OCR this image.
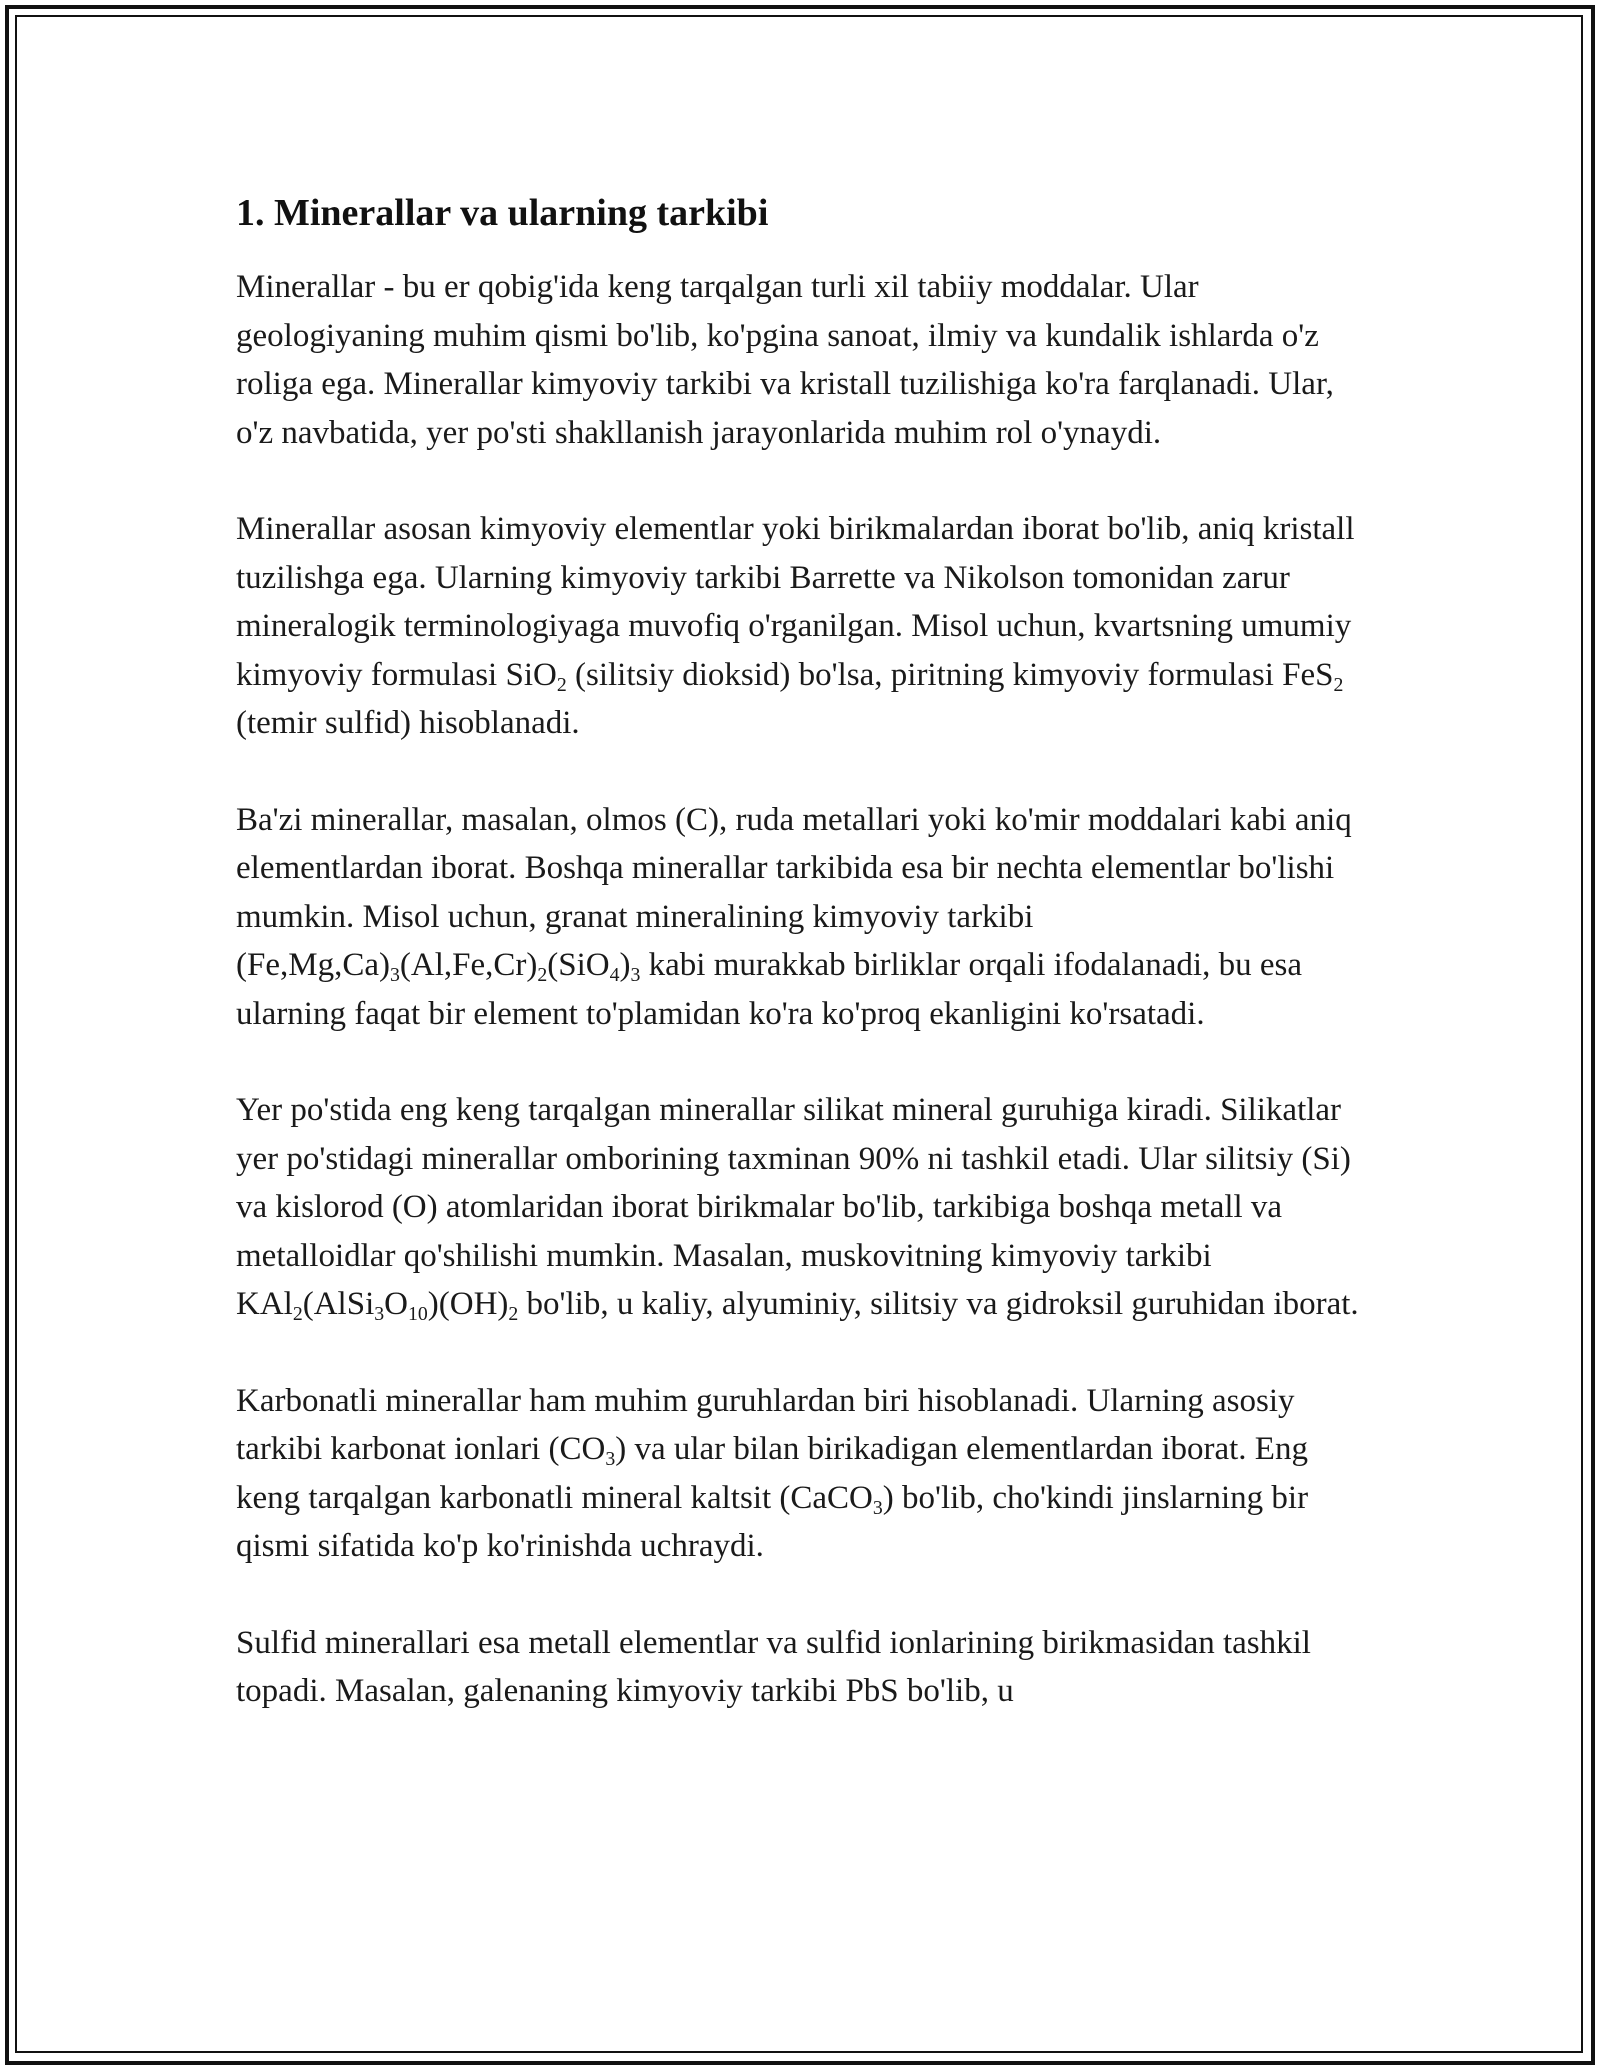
1. Minerallar va ularning tarkibi

Minerallar - bu er qobig'ida keng tarqalgan turli xil tabiiy moddalar. Ular geologiyaning muhim qismi bo'lib, ko'pgina sanoat, ilmiy va kundalik ishlarda o'z roliga ega. Minerallar kimyoviy tarkibi va kristall tuzilishiga ko'ra farqlanadi. Ular, o'z navbatida, yer po'sti shakllanish jarayonlarida muhim rol o'ynaydi.

Minerallar asosan kimyoviy elementlar yoki birikmalardan iborat bo'lib, aniq kristall tuzilishga ega. Ularning kimyoviy tarkibi Barrette va Nikolson tomonidan zarur mineralogik terminologiyaga muvofiq o'rganilgan. Misol uchun, kvartsning umumiy kimyoviy formulasi SiO$_2$ (silitsiy dioksid) bo'lsa, piritning kimyoviy formulasi FeS$_2$ (temir sulfid) hisoblanadi.

Ba'zi minerallar, masalan, olmos (C), ruda metallari yoki ko'mir moddalari kabi aniq elementlardan iborat. Boshqa minerallar tarkibida esa bir nechta elementlar bo'lishi mumkin. Misol uchun, granat mineralining kimyoviy tarkibi $(Fe,Mg,Ca)_3(Al,Fe,Cr)_2(SiO_4)_3$ kabi murakkab birliklar orqali ifodalanadi, bu esa ularning faqat bir element to'plamidan ko'ra ko'proq ekanligini ko'rsatadi.

Yer po'stida eng keng tarqalgan minerallar silikat mineral guruhiga kiradi. Silikatlar yer po'stidagi minerallar omborining taxminan 90% ni tashkil etadi. Ular silitsiy (Si) va kislorod (O) atomlaridan iborat birikmalar bo'lib, tarkibiga boshqa metall va metalloidlar qo'shilishi mumkin. Masalan, muskovitning kimyoviy tarkibi $KAl_2(AlSi_3O_{10})(OH)_2$ bo'lib, u kaliy, alyuminiy, silitsiy va gidroksil guruhidan iborat.

Karbonatli minerallar ham muhim guruhlardan biri hisoblanadi. Ularning asosiy tarkibi karbonat ionlari $(CO_3)$ va ular bilan birikadigan elementlardan iborat. Eng keng tarqalgan karbonatli mineral kaltsit (CaCO$_3$) bo'lib, cho'kindi jinslarning bir qismi sifatida ko'p ko'rinishda uchraydi.

Sulfid minerallari esa metall elementlar va sulfid ionlarining birikmasidan tashkil topadi. Masalan, galenaning kimyoviy tarkibi PbS bo'lib, u
